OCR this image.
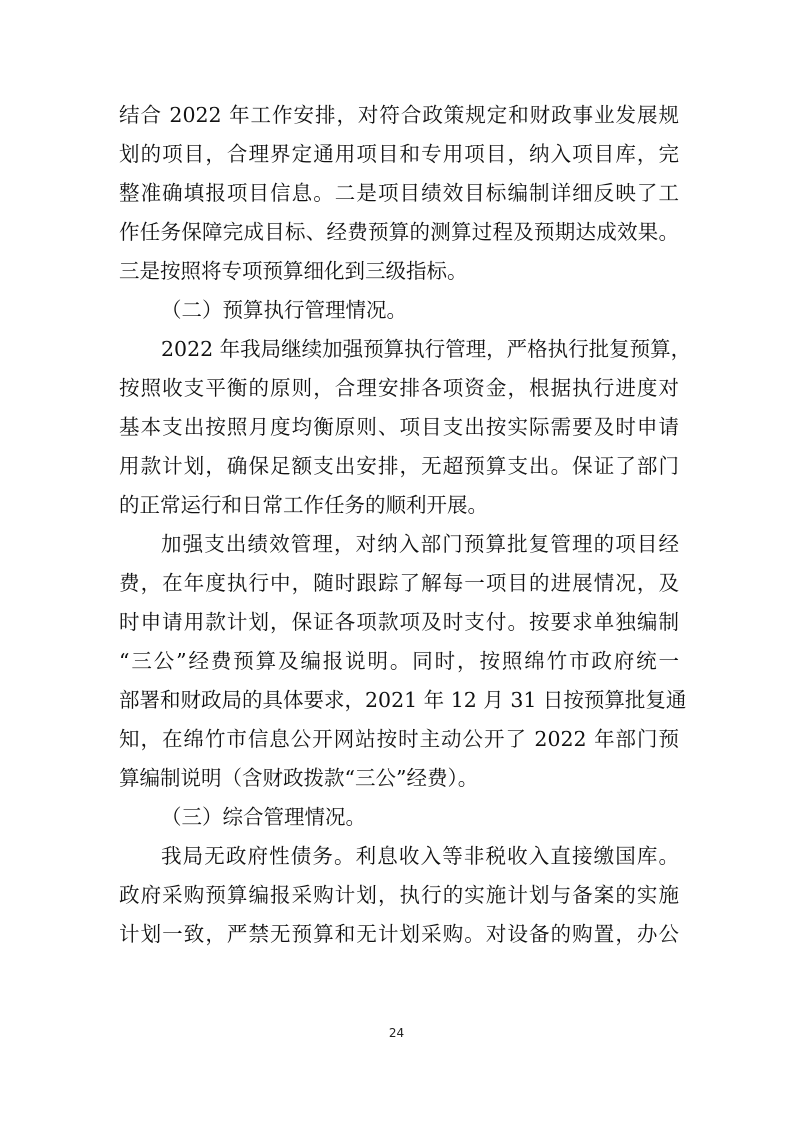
结合 2022 年工作安排，对符合政策规定和财政事业发展规
划的项目，合理界定通用项目和专用项目，纳入项目库，完
整准确填报项目信息。二是项目绩效目标编制详细反映了工
作任务保障完成目标、经费预算的测算过程及预期达成效果。
三是按照将专项预算细化到三级指标。
（二）预算执行管理情况。
2022 年我局继续加强预算执行管理，严格执行批复预算，
按照收支平衡的原则，合理安排各项资金，根据执行进度对
基本支出按照月度均衡原则、项目支出按实际需要及时申请
用款计划，确保足额支出安排，无超预算支出。保证了部门
的正常运行和日常工作任务的顺利开展。
加强支出绩效管理，对纳入部门预算批复管理的项目经
费，在年度执行中，随时跟踪了解每一项目的进展情况，及
时申请用款计划，保证各项款项及时支付。按要求单独编制
“三公”经费预算及编报说明。同时，按照绵竹市政府统一
部署和财政局的具体要求，2021 年 12 月 31 日按预算批复通
知，在绵竹市信息公开网站按时主动公开了 2022 年部门预
算编制说明（含财政拨款“三公”经费）。
（三）综合管理情况。
我局无政府性债务。利息收入等非税收入直接缴国库。
政府采购预算编报采购计划，执行的实施计划与备案的实施
计划一致，严禁无预算和无计划采购。对设备的购置，办公
24
